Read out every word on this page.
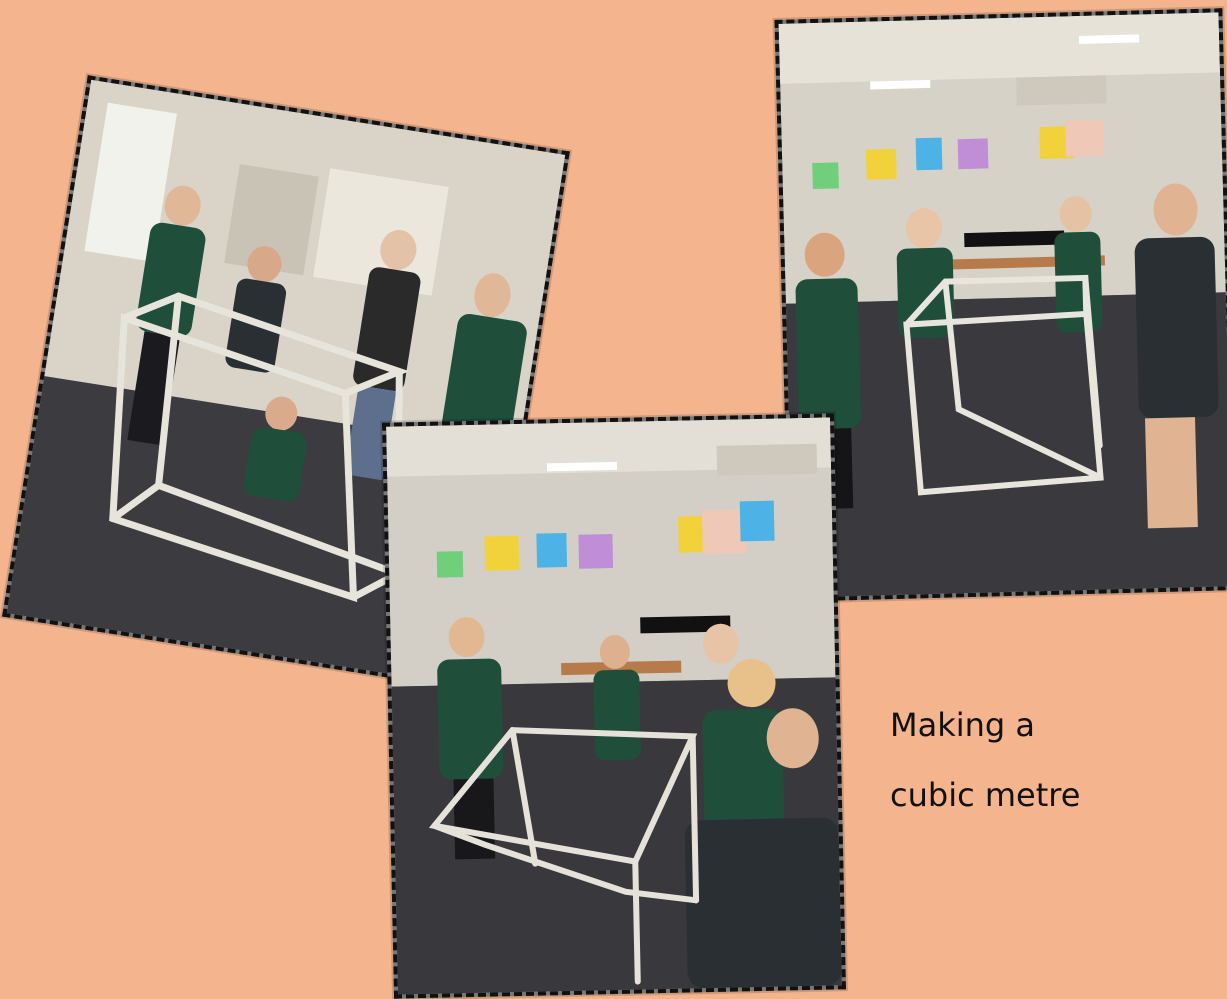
Making a
cubic metre
